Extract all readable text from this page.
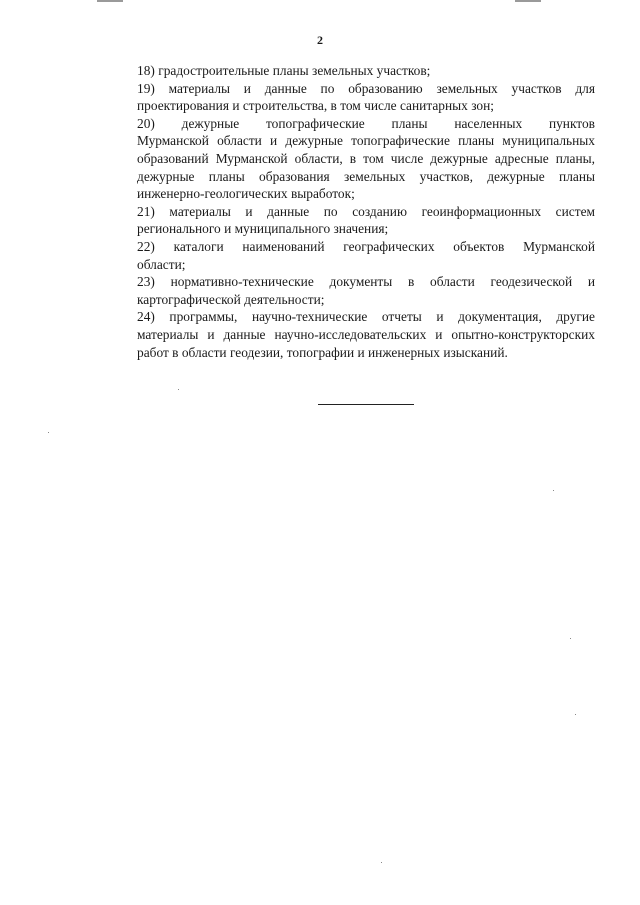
2
18) градостроительные планы земельных участков;
19) материалы и данные по образованию земельных участков для
проектирования и строительства, в том числе санитарных зон;
20) дежурные топографические планы населенных пунктов
Мурманской области и дежурные топографические планы муниципальных
образований Мурманской области, в том числе дежурные адресные планы,
дежурные планы образования земельных участков, дежурные планы
инженерно-геологических выработок;
21) материалы и данные по созданию геоинформационных систем
регионального и муниципального значения;
22) каталоги наименований географических объектов Мурманской
области;
23) нормативно-технические документы в области геодезической и
картографической деятельности;
24) программы, научно-технические отчеты и документация, другие
материалы и данные научно-исследовательских и опытно-конструкторских
работ в области геодезии, топографии и инженерных изысканий.
